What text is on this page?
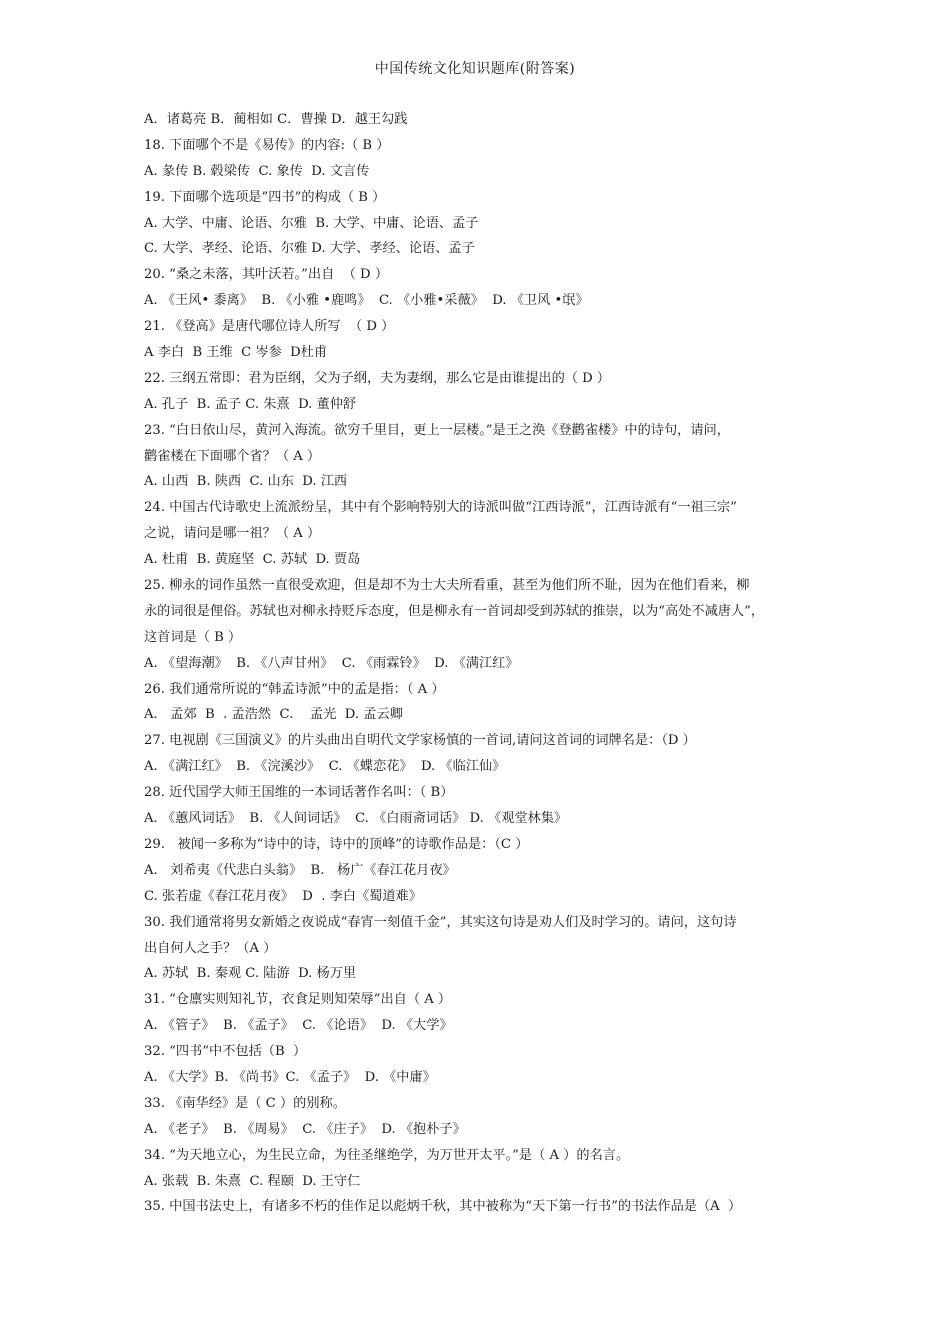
中国传统文化知识题库(附答案)
A．诸葛亮 B．蔺相如 C．曹操 D．越王勾践
18. 下面哪个不是《易传》的内容:（ B ）
A. 彖传 B. 毂梁传  C. 象传  D. 文言传
19. 下面哪个选项是”四书”的构成（ B ）
A. 大学、中庸、论语、尔雅  B. 大学、中庸、论语、孟子
C. 大学、孝经、论语、尔雅 D. 大学、孝经、论语、孟子
20. “桑之未落，其叶沃若。”出自  （ D ）
A. 《王风• 黍离》  B. 《小雅 •鹿鸣》  C. 《小雅•采薇》  D. 《卫风 •氓》
21. 《登高》是唐代哪位诗人所写  （ D ）
A 李白  B 王维  C 岑参  D杜甫
22. 三纲五常即：君为臣纲，父为子纲，夫为妻纲，那么它是由谁提出的（ D ）
A. 孔子  B. 孟子 C. 朱熹  D. 董仲舒
23. “白日依山尽，黄河入海流。欲穷千里目，更上一层楼。”是王之涣《登鹳雀楼》中的诗句，请问，
鹳雀楼在下面哪个省？（ A ）
A. 山西  B. 陕西  C. 山东  D. 江西
24. 中国古代诗歌史上流派纷呈，其中有个影响特别大的诗派叫做“江西诗派”，江西诗派有“一祖三宗”
之说，请问是哪一祖？（ A ）
A. 杜甫  B. 黄庭坚  C. 苏轼  D. 贾岛
25. 柳永的词作虽然一直很受欢迎，但是却不为士大夫所看重，甚至为他们所不耻，因为在他们看来，柳
永的词很是俚俗。苏轼也对柳永持贬斥态度，但是柳永有一首词却受到苏轼的推崇，以为“高处不减唐人”，
这首词是（ B ）
A. 《望海潮》  B. 《八声甘州》  C. 《雨霖铃》  D. 《满江红》
26. 我们通常所说的“韩孟诗派”中的孟是指：（ A ）
A.   孟郊  B  . 孟浩然  C.    孟光  D. 孟云卿
27. 电视剧《三国演义》的片头曲出自明代文学家杨慎的一首词,请问这首词的词牌名是：（D ）
A. 《满江红》  B. 《浣溪沙》  C. 《蝶恋花》  D. 《临江仙》
28. 近代国学大师王国维的一本词话著作名叫：（ B）
A. 《蕙风词话》  B. 《人间词话》  C. 《白雨斋词话》 D. 《观堂林集》
29.   被闻一多称为“诗中的诗，诗中的顶峰”的诗歌作品是：（C ）
A.   刘希夷《代悲白头翁》  B.   杨广《春江花月夜》
C. 张若虚《春江花月夜》  D  . 李白《蜀道难》
30. 我们通常将男女新婚之夜说成“春宵一刻值千金”，其实这句诗是劝人们及时学习的。请问，这句诗
出自何人之手？（A ）
A. 苏轼  B. 秦观 C. 陆游  D. 杨万里
31. “仓廪实则知礼节，衣食足则知荣辱”出自（ A ）
A. 《管子》  B. 《孟子》  C. 《论语》  D. 《大学》
32. “四书”中不包括（B  ）
A. 《大学》B. 《尚书》C. 《孟子》  D. 《中庸》
33. 《南华经》是（ C ）的别称。
A. 《老子》  B. 《周易》  C. 《庄子》  D. 《抱朴子》
34. “为天地立心，为生民立命，为往圣继绝学，为万世开太平。”是（ A ）的名言。
A. 张载  B. 朱熹  C. 程颐  D. 王守仁
35. 中国书法史上，有诸多不朽的佳作足以彪炳千秋，其中被称为“天下第一行书”的书法作品是（A  ）
